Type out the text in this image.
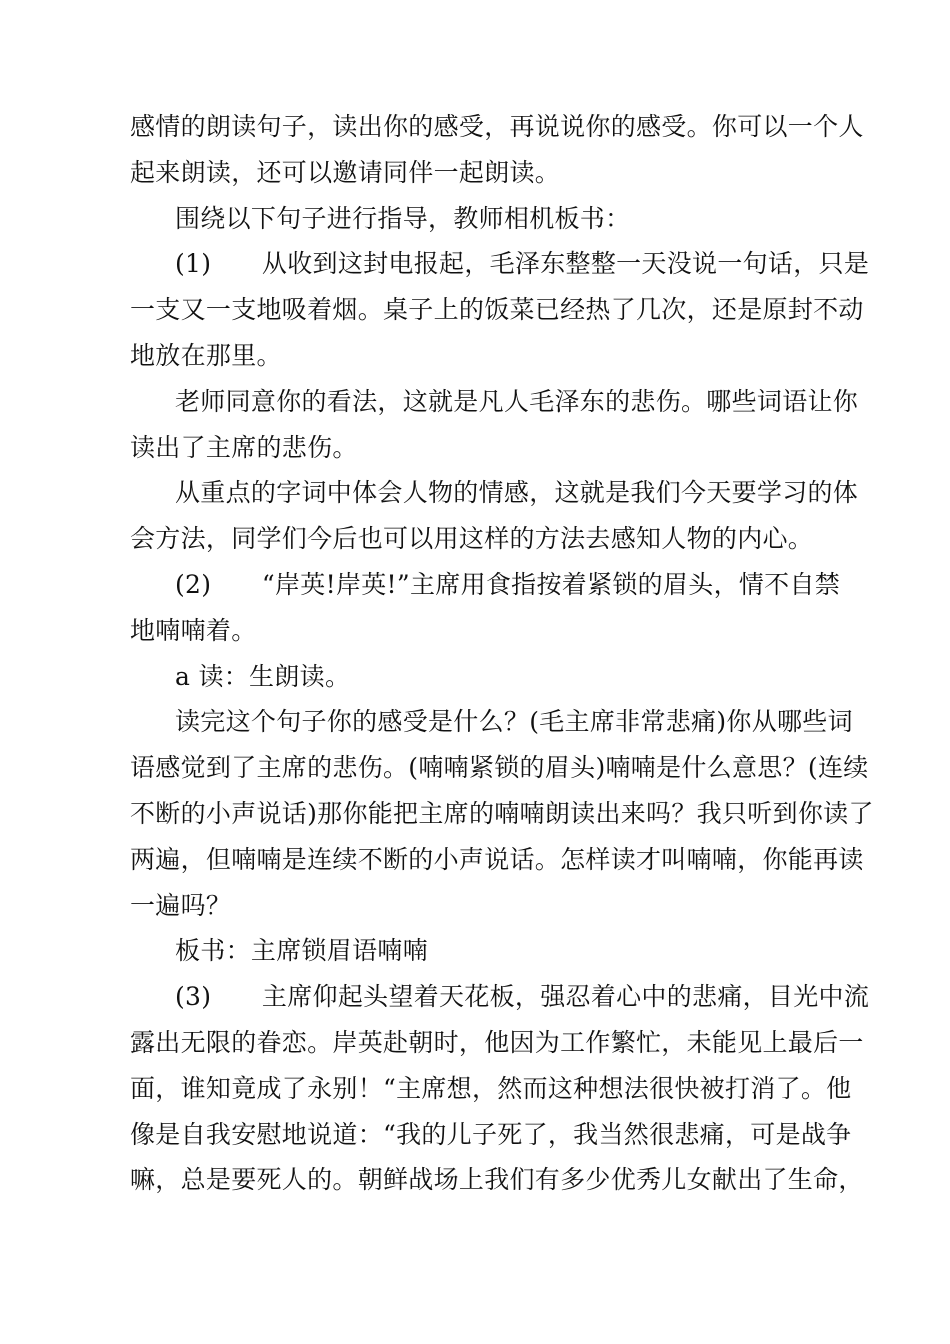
感情的朗读句子，读出你的感受，再说说你的感受。你可以一个人
起来朗读，还可以邀请同伴一起朗读。

围绕以下句子进行指导，教师相机板书：

(1)　　从收到这封电报起，毛泽东整整一天没说一句话，只是
一支又一支地吸着烟。桌子上的饭菜已经热了几次，还是原封不动
地放在那里。

老师同意你的看法，这就是凡人毛泽东的悲伤。哪些词语让你
读出了主席的悲伤。

从重点的字词中体会人物的情感，这就是我们今天要学习的体
会方法，同学们今后也可以用这样的方法去感知人物的内心。

(2)　　“岸英!岸英!”主席用食指按着紧锁的眉头，情不自禁
地喃喃着。

a 读：生朗读。

读完这个句子你的感受是什么？(毛主席非常悲痛)你从哪些词
语感觉到了主席的悲伤。(喃喃紧锁的眉头)喃喃是什么意思？(连续
不断的小声说话)那你能把主席的喃喃朗读出来吗？我只听到你读了
两遍，但喃喃是连续不断的小声说话。怎样读才叫喃喃，你能再读
一遍吗？

板书：主席锁眉语喃喃

(3)　　主席仰起头望着天花板，强忍着心中的悲痛，目光中流
露出无限的眷恋。岸英赴朝时，他因为工作繁忙，未能见上最后一
面，谁知竟成了永别！“主席想，然而这种想法很快被打消了。他
像是自我安慰地说道：“我的儿子死了，我当然很悲痛，可是战争
嘛，总是要死人的。朝鲜战场上我们有多少优秀儿女献出了生命，
